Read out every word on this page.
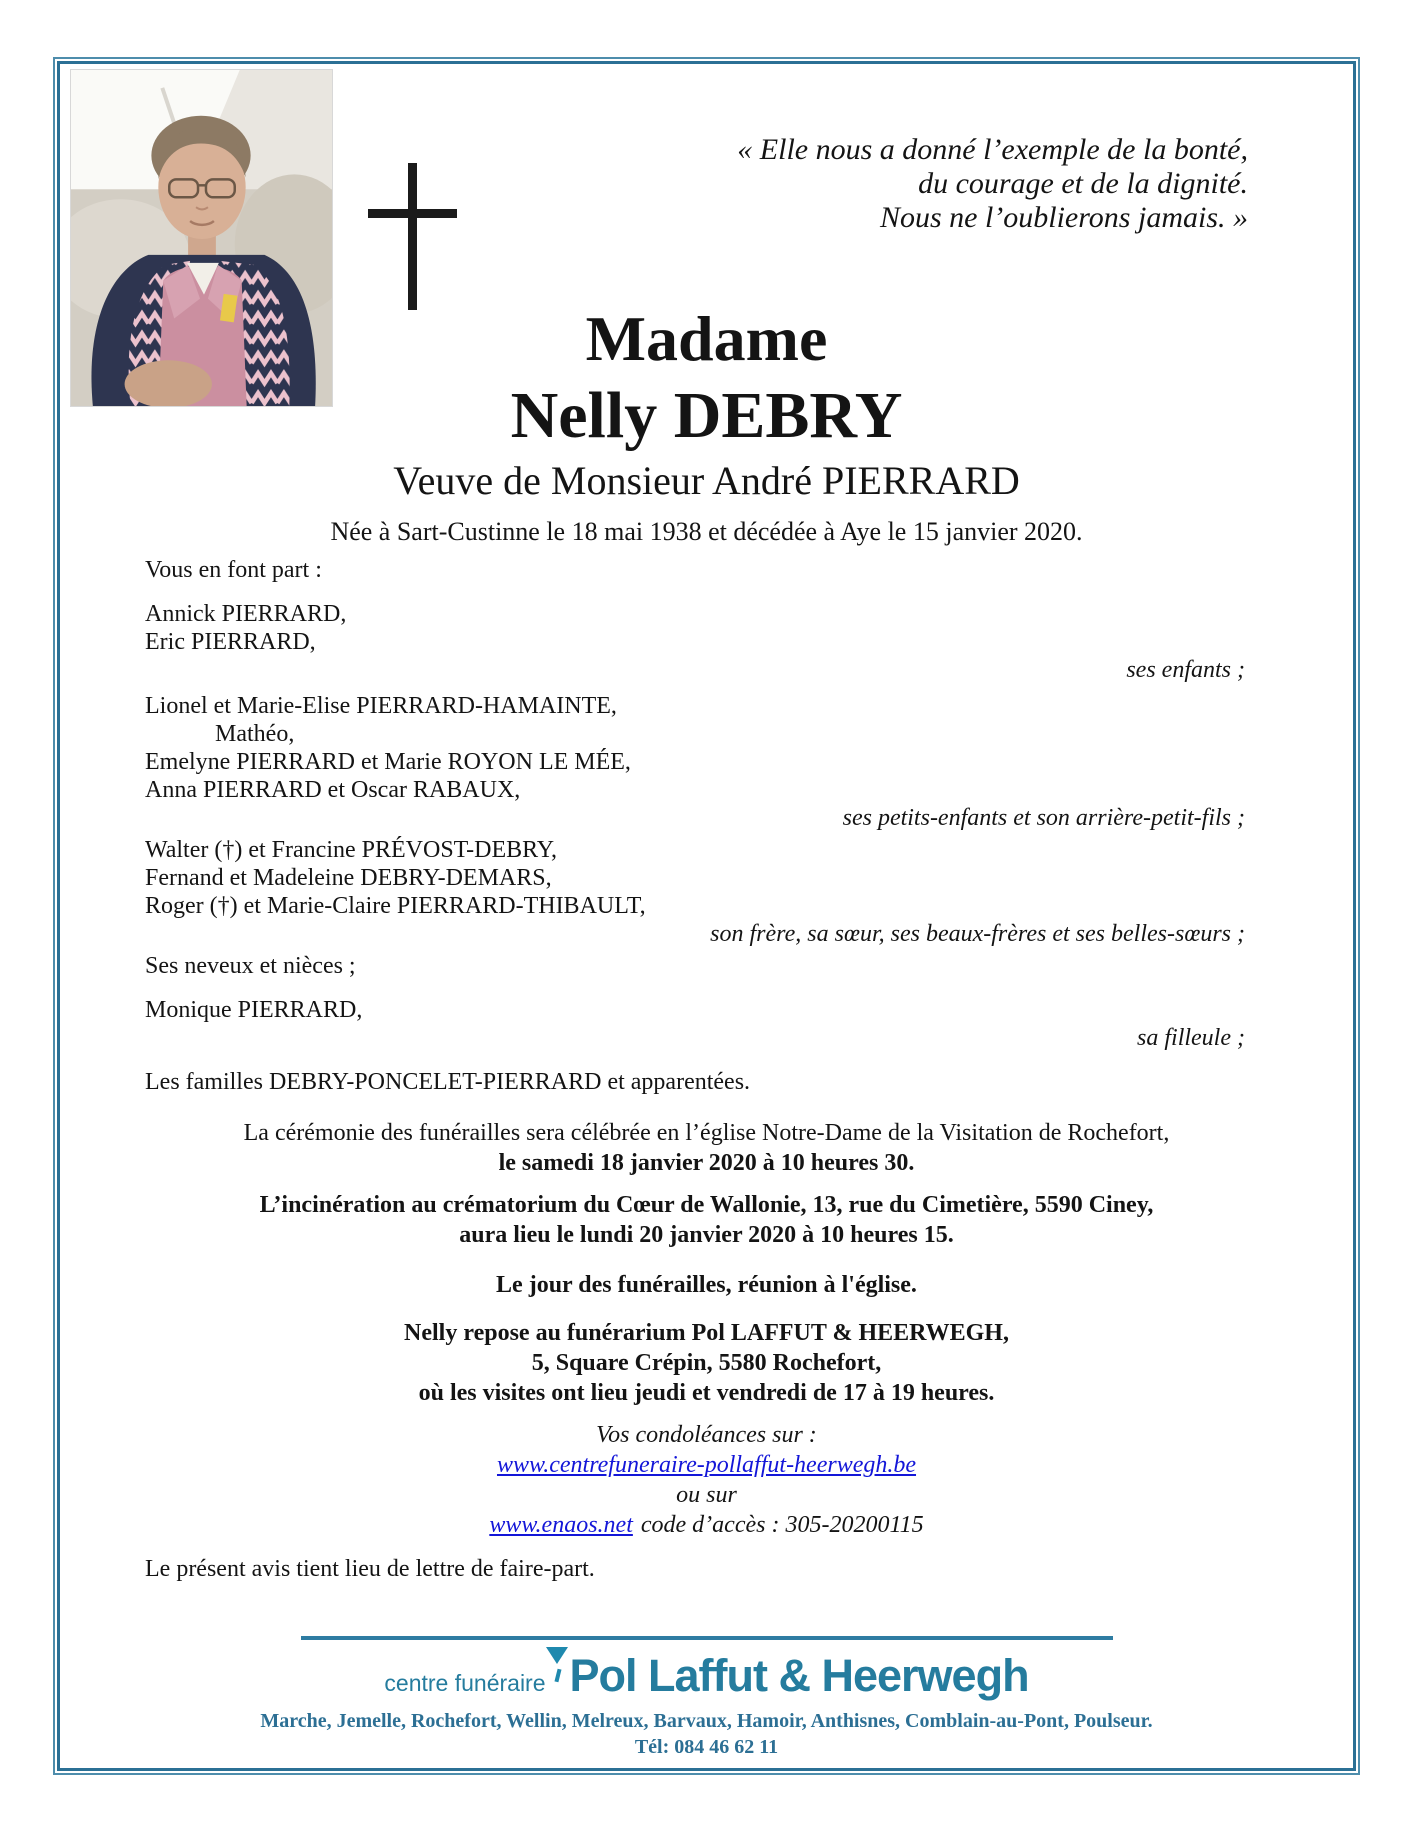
« Elle nous a donné l’exemple de la bonté,
du courage et de la dignité.
Nous ne l’oublierons jamais. »
Madame
Nelly DEBRY
Veuve de Monsieur André PIERRARD
Née à Sart-Custinne le 18 mai 1938 et décédée à Aye le 15 janvier 2020.
Vous en font part :
Annick PIERRARD,
Eric PIERRARD,
ses enfants ;
Lionel et Marie-Elise PIERRARD-HAMAINTE,
Mathéo,
Emelyne PIERRARD et Marie ROYON LE MÉE,
Anna PIERRARD et Oscar RABAUX,
ses petits-enfants et son arrière-petit-fils ;
Walter (†) et Francine PRÉVOST-DEBRY,
Fernand et Madeleine DEBRY-DEMARS,
Roger (†) et Marie-Claire PIERRARD-THIBAULT,
son frère, sa sœur, ses beaux-frères et ses belles-sœurs ;
Ses neveux et nièces ;
Monique PIERRARD,
sa filleule ;
Les familles DEBRY-PONCELET-PIERRARD et apparentées.
La cérémonie des funérailles sera célébrée en l’église Notre-Dame de la Visitation de Rochefort,
le samedi 18 janvier 2020 à 10 heures 30.
L’incinération au crématorium du Cœur de Wallonie, 13, rue du Cimetière, 5590 Ciney,
aura lieu le lundi 20 janvier 2020 à 10 heures 15.
Le jour des funérailles, réunion à l'église.
Nelly repose au funérarium Pol LAFFUT & HEERWEGH,
5, Square Crépin, 5580 Rochefort,
où les visites ont lieu jeudi et vendredi de 17 à 19 heures.
Vos condoléances sur :
www.centrefuneraire-pollaffut-heerwegh.be
ou sur
www.enaos.net code d’accès : 305-20200115
Le présent avis tient lieu de lettre de faire-part.
centre funéraire Pol Laffut & Heerwegh
Marche, Jemelle, Rochefort, Wellin, Melreux, Barvaux, Hamoir, Anthisnes, Comblain-au-Pont, Poulseur.
Tél: 084 46 62 11
